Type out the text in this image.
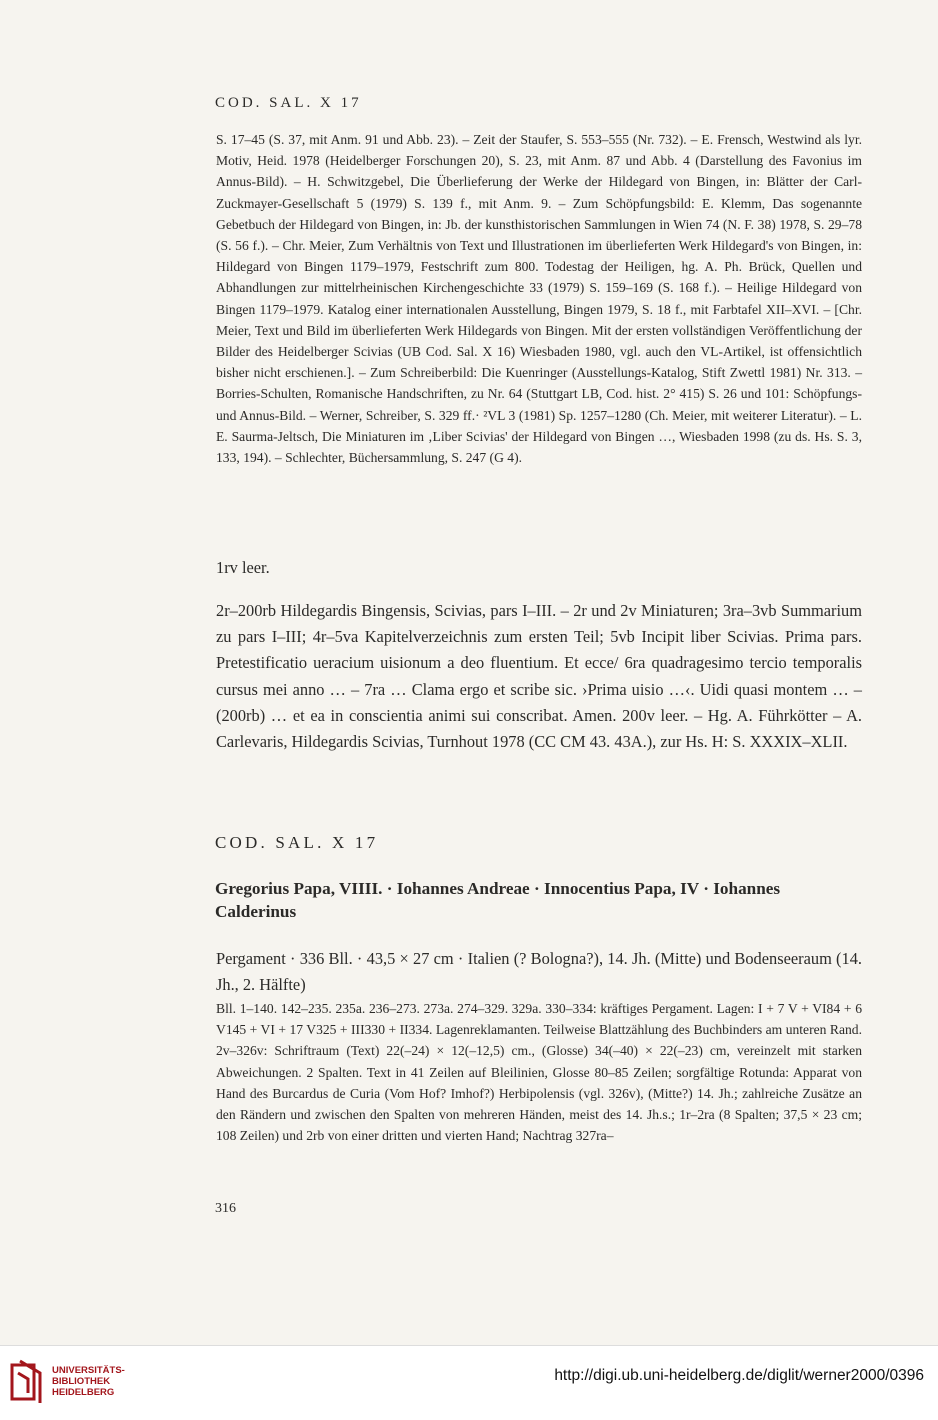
COD. SAL. X 17

S. 17–45 (S. 37, mit Anm. 91 und Abb. 23). – Zeit der Staufer, S. 553–555 (Nr. 732). – E. Frensch, Westwind als lyr. Motiv, Heid. 1978 (Heidelberger Forschungen 20), S. 23, mit Anm. 87 und Abb. 4 (Darstellung des Favonius im Annus-Bild). – H. Schwitzgebel, Die Überlieferung der Werke der Hildegard von Bingen, in: Blätter der Carl-Zuckmayer-Gesellschaft 5 (1979) S. 139 f., mit Anm. 9. – Zum Schöpfungsbild: E. Klemm, Das sogenannte Gebetbuch der Hildegard von Bingen, in: Jb. der kunsthistorischen Sammlungen in Wien 74 (N. F. 38) 1978, S. 29–78 (S. 56 f.). – Chr. Meier, Zum Verhältnis von Text und Illustrationen im überlieferten Werk Hildegard's von Bingen, in: Hildegard von Bingen 1179–1979, Festschrift zum 800. Todestag der Heiligen, hg. A. Ph. Brück, Quellen und Abhandlungen zur mittelrheinischen Kirchengeschichte 33 (1979) S. 159–169 (S. 168 f.). – Heilige Hildegard von Bingen 1179–1979. Katalog einer internationalen Ausstellung, Bingen 1979, S. 18 f., mit Farbtafel XII–XVI. – [Chr. Meier, Text und Bild im überlieferten Werk Hildegards von Bingen. Mit der ersten vollständigen Veröffentlichung der Bilder des Heidelberger Scivias (UB Cod. Sal. X 16) Wiesbaden 1980, vgl. auch den VL-Artikel, ist offensichtlich bisher nicht erschienen.]. – Zum Schreiberbild: Die Kuenringer (Ausstellungs-Katalog, Stift Zwettl 1981) Nr. 313. – Borries-Schulten, Romanische Handschriften, zu Nr. 64 (Stuttgart LB, Cod. hist. 2° 415) S. 26 und 101: Schöpfungs- und Annus-Bild. – Werner, Schreiber, S. 329 ff.· ²VL 3 (1981) Sp. 1257–1280 (Ch. Meier, mit weiterer Literatur). – L. E. Saurma-Jeltsch, Die Miniaturen im ‚Liber Scivias' der Hildegard von Bingen …, Wiesbaden 1998 (zu ds. Hs. S. 3, 133, 194). – Schlechter, Büchersammlung, S. 247 (G 4).

1rv leer.

2r–200rb Hildegardis Bingensis, Scivias, pars I–III. – 2r und 2v Miniaturen; 3ra–3vb Summarium zu pars I–III; 4r–5va Kapitelverzeichnis zum ersten Teil; 5vb Incipit liber Scivias. Prima pars. Pretestificatio ueracium uisionum a deo fluentium. Et ecce/ 6ra quadragesimo tercio temporalis cursus mei anno … – 7ra … Clama ergo et scribe sic. ›Prima uisio …‹. Uidi quasi montem … – (200rb) … et ea in conscientia animi sui conscribat. Amen. 200v leer. – Hg. A. Führkötter – A. Carlevaris, Hildegardis Scivias, Turnhout 1978 (CC CM 43. 43A.), zur Hs. H: S. XXXIX–XLII.

COD. SAL. X 17
Gregorius Papa, VIIII. · Iohannes Andreae · Innocentius Papa, IV · Iohannes Calderinus

Pergament · 336 Bll. · 43,5 × 27 cm · Italien (? Bologna?), 14. Jh. (Mitte) und Bodenseeraum (14. Jh., 2. Hälfte)

Bll. 1–140. 142–235. 235a. 236–273. 273a. 274–329. 329a. 330–334: kräftiges Pergament. Lagen: I + 7 V + VI84 + 6 V145 + VI + 17 V325 + III330 + II334. Lagenreklamanten. Teilweise Blattzählung des Buchbinders am unteren Rand. 2v–326v: Schriftraum (Text) 22(–24) × 12(–12,5) cm., (Glosse) 34(–40) × 22(–23) cm, vereinzelt mit starken Abweichungen. 2 Spalten. Text in 41 Zeilen auf Bleilinien, Glosse 80–85 Zeilen; sorgfältige Rotunda: Apparat von Hand des Burcardus de Curia (Vom Hof? Imhof?) Herbipolensis (vgl. 326v), (Mitte?) 14. Jh.; zahlreiche Zusätze an den Rändern und zwischen den Spalten von mehreren Händen, meist des 14. Jh.s.; 1r–2ra (8 Spalten; 37,5 × 23 cm; 108 Zeilen) und 2rb von einer dritten und vierten Hand; Nachtrag 327ra–

316
UNIVERSITÄTS-
BIBLIOTHEK
HEIDELBERG
http://digi.ub.uni-heidelberg.de/diglit/werner2000/0396
